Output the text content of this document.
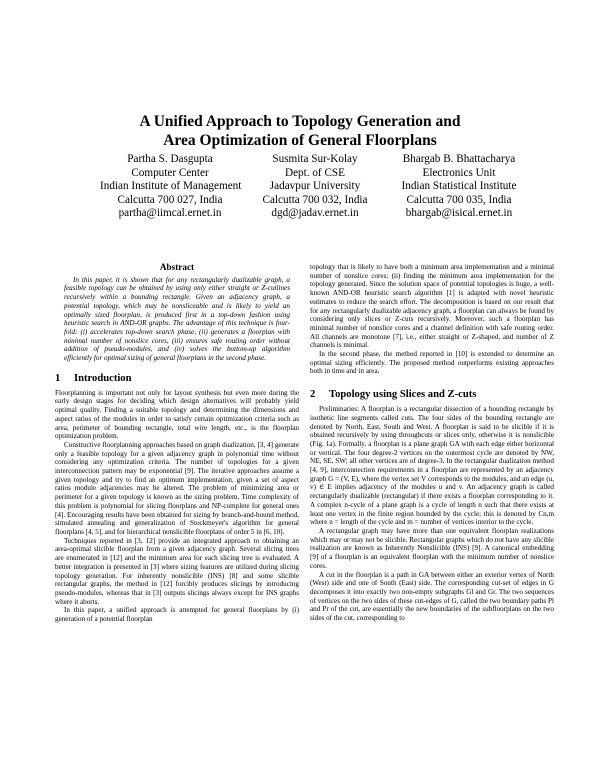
A Unified Approach to Topology Generation and
Area Optimization of General Floorplans
Partha S. Dasgupta
Computer Center
Indian Institute of Management
Calcutta 700 027, India
partha@iimcal.ernet.in
Susmita Sur-Kolay
Dept. of CSE
Jadavpur University
Calcutta 700 032, India
dgd@jadav.ernet.in
Bhargab B. Bhattacharya
Electronics Unit
Indian Statistical Institute
Calcutta 700 035, India
bhargab@isical.ernet.in
Abstract

In this paper, it is shown that for any rectangularly dualizable graph, a feasible topology can be obtained by using only either straight or Z-cutlines recursively within a bounding rectangle. Given an adjacency graph, a potential topology, which may be nonsliceable and is likely to yield an optimally sized floorplan, is produced first in a top-down fashion using heuristic search in AND-OR graphs. The advantage of this technique is four-fold: (i) accelerates top-down search phase, (ii) generates a floorplan with minimal number of nonslice cores, (iii) ensures safe routing order without addition of pseudo-modules, and (iv) solves the bottom-up algorithm efficiently for optimal sizing of general floorplans in the second phase.

1 Introduction

Floorplanning is important not only for layout synthesis but even more during the early design stages for deciding which design alternatives will probably yield optimal quality. Finding a suitable topology and determining the dimensions and aspect ratios of the modules in order to satisfy certain optimization criteria such as area, perimeter of bounding rectangle, total wire length, etc., is the floorplan optimization problem.

Constructive floorplanning approaches based on graph dualization, [3, 4] generate only a feasible topology for a given adjacency graph in polynomial time without considering any optimization criteria. The number of topologies for a given interconnection pattern may be exponential [9]. The iterative approaches assume a given topology and try to find an optimum implementation, given a set of aspect ratios module adjacencies may be altered. The problem of minimizing area or perimeter for a given topology is known as the sizing problem. Time complexity of this problem is polynomial for slicing floorplans and NP-complete for general ones [4]. Encouraging results have been obtained for sizing by branch-and-bound method, simulated annealing and generalization of Stockmeyer's algorithm for general floorplans [4, 5], and for hierarchical nonslicible floorplans of order 5 in [6, 10].

Techniques reported in [3, 12] provide an integrated approach to obtaining an area-optimal slicible floorplan from a given adjacency graph. Several slicing trees are enumerated in [12] and the minimum area for each slicing tree is evaluated. A better integration is presented in [3] where sizing features are utilized during slicing topology generation. For inherently nonslicible (INS) [8] and some slicible rectangular graphs, the method in [12] forcibly produces slicings by introducing pseudo-modules, whereas that in [3] outputs slicings always except for INS graphs where it aborts.

In this paper, a unified approach is attempted for general floorplans by (i) generation of a potential floorplan

topology that is likely to have both a minimum area implementation and a minimal number of nonslice cores; (ii) finding the minimum area implementation for the topology generated. Since the solution space of potential topologies is huge, a well-known AND-OR heuristic search algorithm [1] is adapted with novel heuristic estimates to reduce the search effort. The decomposition is based on our result that for any rectangularly dualizable adjacency graph, a floorplan can always be found by considering only slices or Z-cuts recursively. Moreover, such a floorplan has minimal number of nonslice cores and a channel definition with safe routing order. All channels are monotone [7], i.e., either straight or Z-shaped, and number of Z channels is minimal.

In the second phase, the method reported in [10] is extended to determine an optimal sizing efficiently. The proposed method outperforms existing approaches both in time and in area.

2 Topology using Slices and Z-cuts

Preliminaries: A floorplan is a rectangular dissection of a bounding rectangle by isothetic line segments called cuts. The four sides of the bounding rectangle are denoted by North, East, South and West. A floorplan is said to be slicible if it is obtained recursively by using throughcuts or slices only, otherwise it is nonslicible (Fig. 1a). Formally, a floorplan is a plane graph GA with each edge either horizontal or vertical. The four degree-2 vertices on the outermost cycle are denoted by NW, NE, SE, SW; all other vertices are of degree-3. In the rectangular dualization method [4, 9], interconnection requirements in a floorplan are represented by an adjacency graph G = (V, E), where the vertex set V corresponds to the modules, and an edge (u, v) ∈ E implies adjacency of the modules u and v. An adjacency graph is called rectangularly dualizable (rectangular) if there exists a floorplan corresponding to it. A complex n-cycle of a plane graph is a cycle of length n such that there exists at least one vertex in the finite region bounded by the cycle; this is denoted by Cn,m where n = length of the cycle and m = number of vertices interior to the cycle.

A rectangular graph may have more than one equivalent floorplan realizations which may or may not be slicible. Rectangular graphs which do not have any slicible realization are known as Inherently Nonslicible (INS) [9]. A canonical embedding [9] of a floorplan is an equivalent floorplan with the minimum number of nonslice cores.

A cut in the floorplan is a path in GA between either an exterior vertex of North (West) side and one of South (East) side. The corresponding cut-set of edges in G decomposes it into exactly two non-empty subgraphs Gl and Gr. The two sequences of vertices on the two sides of these cut-edges of G, called the two boundary paths Pl and Pr of the cut, are essentially the new boundaries of the subfloorplans on the two sides of the cut, corresponding to
